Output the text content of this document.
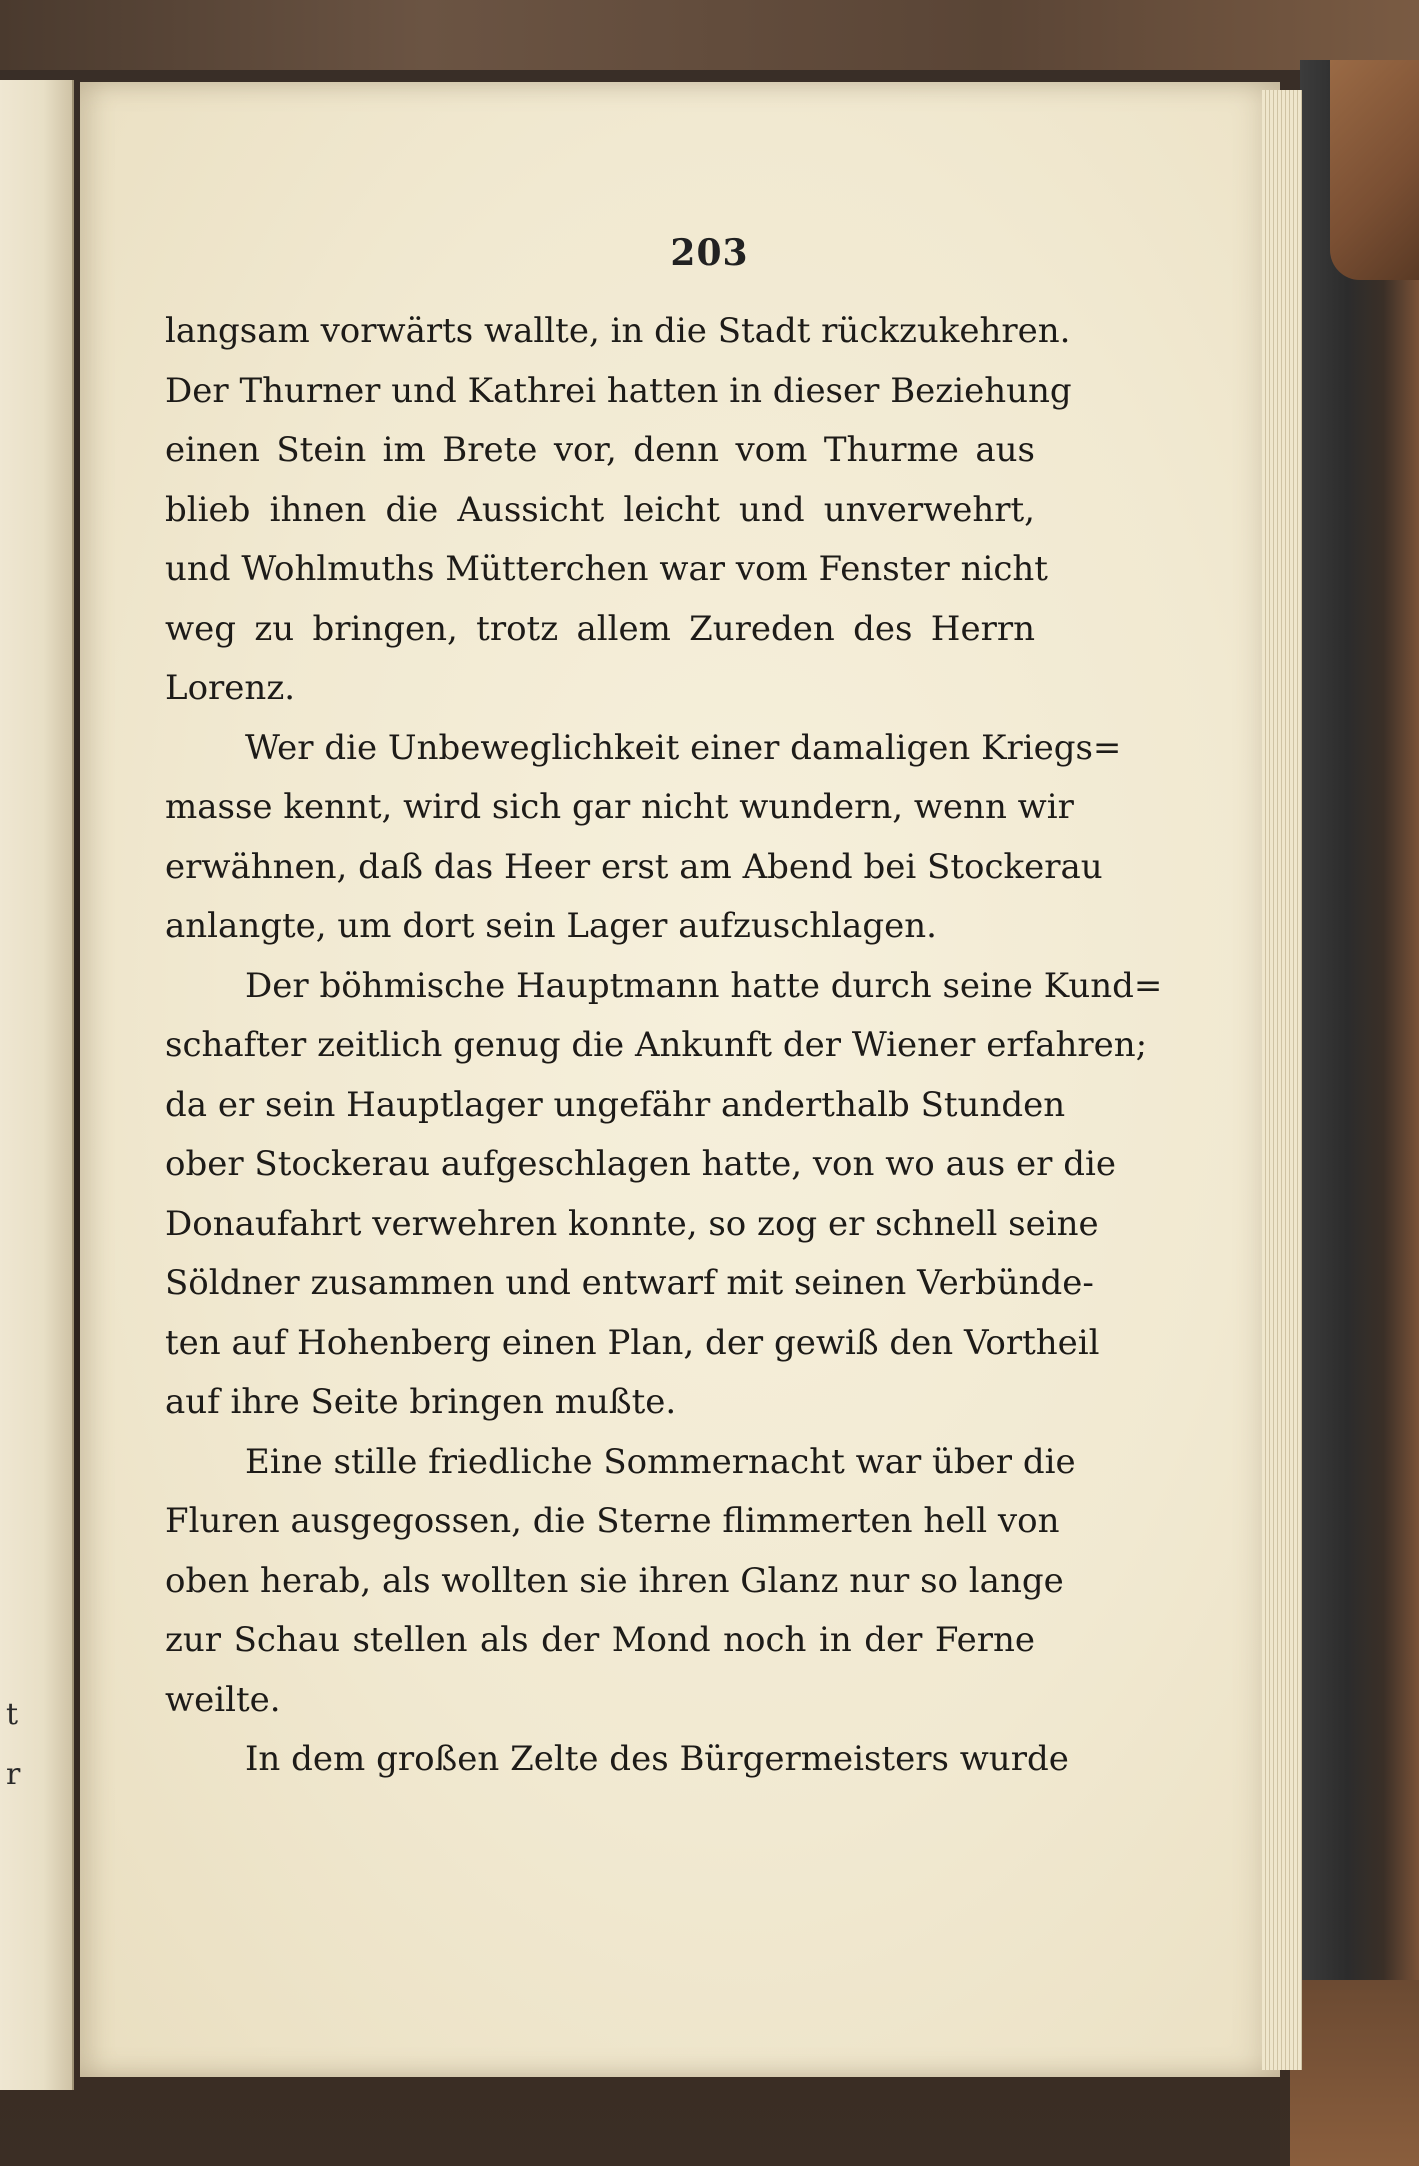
t
r
203
langsam vorwärts wallte, in die Stadt rückzukehren.
Der Thurner und Kathrei hatten in dieser Beziehung
einen Stein im Brete vor, denn vom Thurme aus
blieb ihnen die Aussicht leicht und unverwehrt,
und Wohlmuths Mütterchen war vom Fenster nicht
weg zu bringen, trotz allem Zureden des Herrn
Lorenz.
Wer die Unbeweglichkeit einer damaligen Kriegs=
masse kennt, wird sich gar nicht wundern, wenn wir
erwähnen, daß das Heer erst am Abend bei Stockerau
anlangte, um dort sein Lager aufzuschlagen.
Der böhmische Hauptmann hatte durch seine Kund=
schafter zeitlich genug die Ankunft der Wiener erfahren;
da er sein Hauptlager ungefähr anderthalb Stunden
ober Stockerau aufgeschlagen hatte, von wo aus er die
Donaufahrt verwehren konnte, so zog er schnell seine
Söldner zusammen und entwarf mit seinen Verbünde-
ten auf Hohenberg einen Plan, der gewiß den Vortheil
auf ihre Seite bringen mußte.
Eine stille friedliche Sommernacht war über die
Fluren ausgegossen, die Sterne flimmerten hell von
oben herab, als wollten sie ihren Glanz nur so lange
zur Schau stellen als der Mond noch in der Ferne
weilte.
In dem großen Zelte des Bürgermeisters wurde
